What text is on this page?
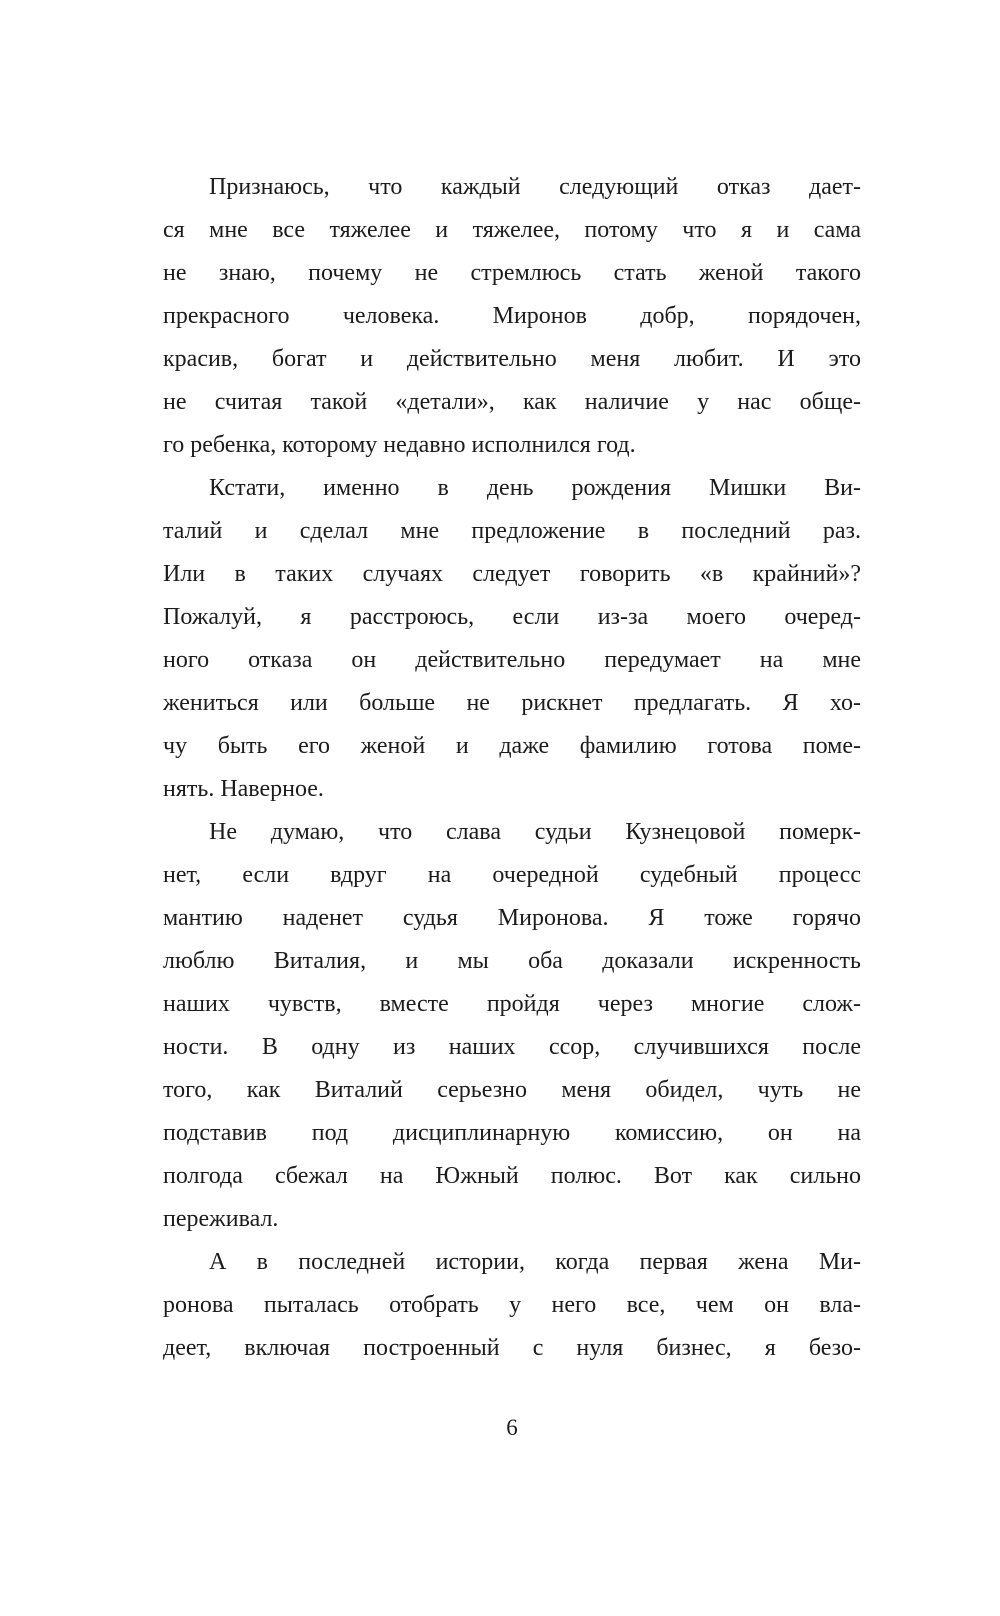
Признаюсь, что каждый следующий отказ дает-
ся мне все тяжелее и тяжелее, потому что я и сама
не знаю, почему не стремлюсь стать женой такого
прекрасного человека. Миронов добр, порядочен,
красив, богат и действительно меня любит. И это
не считая такой «детали», как наличие у нас обще-
го ребенка, которому недавно исполнился год.
Кстати, именно в день рождения Мишки Ви-
талий и сделал мне предложение в последний раз.
Или в таких случаях следует говорить «в крайний»?
Пожалуй, я расстроюсь, если из-за моего очеред-
ного отказа он действительно передумает на мне
жениться или больше не рискнет предлагать. Я хо-
чу быть его женой и даже фамилию готова поме-
нять. Наверное.
Не думаю, что слава судьи Кузнецовой померк-
нет, если вдруг на очередной судебный процесс
мантию наденет судья Миронова. Я тоже горячо
люблю Виталия, и мы оба доказали искренность
наших чувств, вместе пройдя через многие слож-
ности. В одну из наших ссор, случившихся после
того, как Виталий серьезно меня обидел, чуть не
подставив под дисциплинарную комиссию, он на
полгода сбежал на Южный полюс. Вот как сильно
переживал.
А в последней истории, когда первая жена Ми-
ронова пыталась отобрать у него все, чем он вла-
деет, включая построенный с нуля бизнес, я безо-
6
